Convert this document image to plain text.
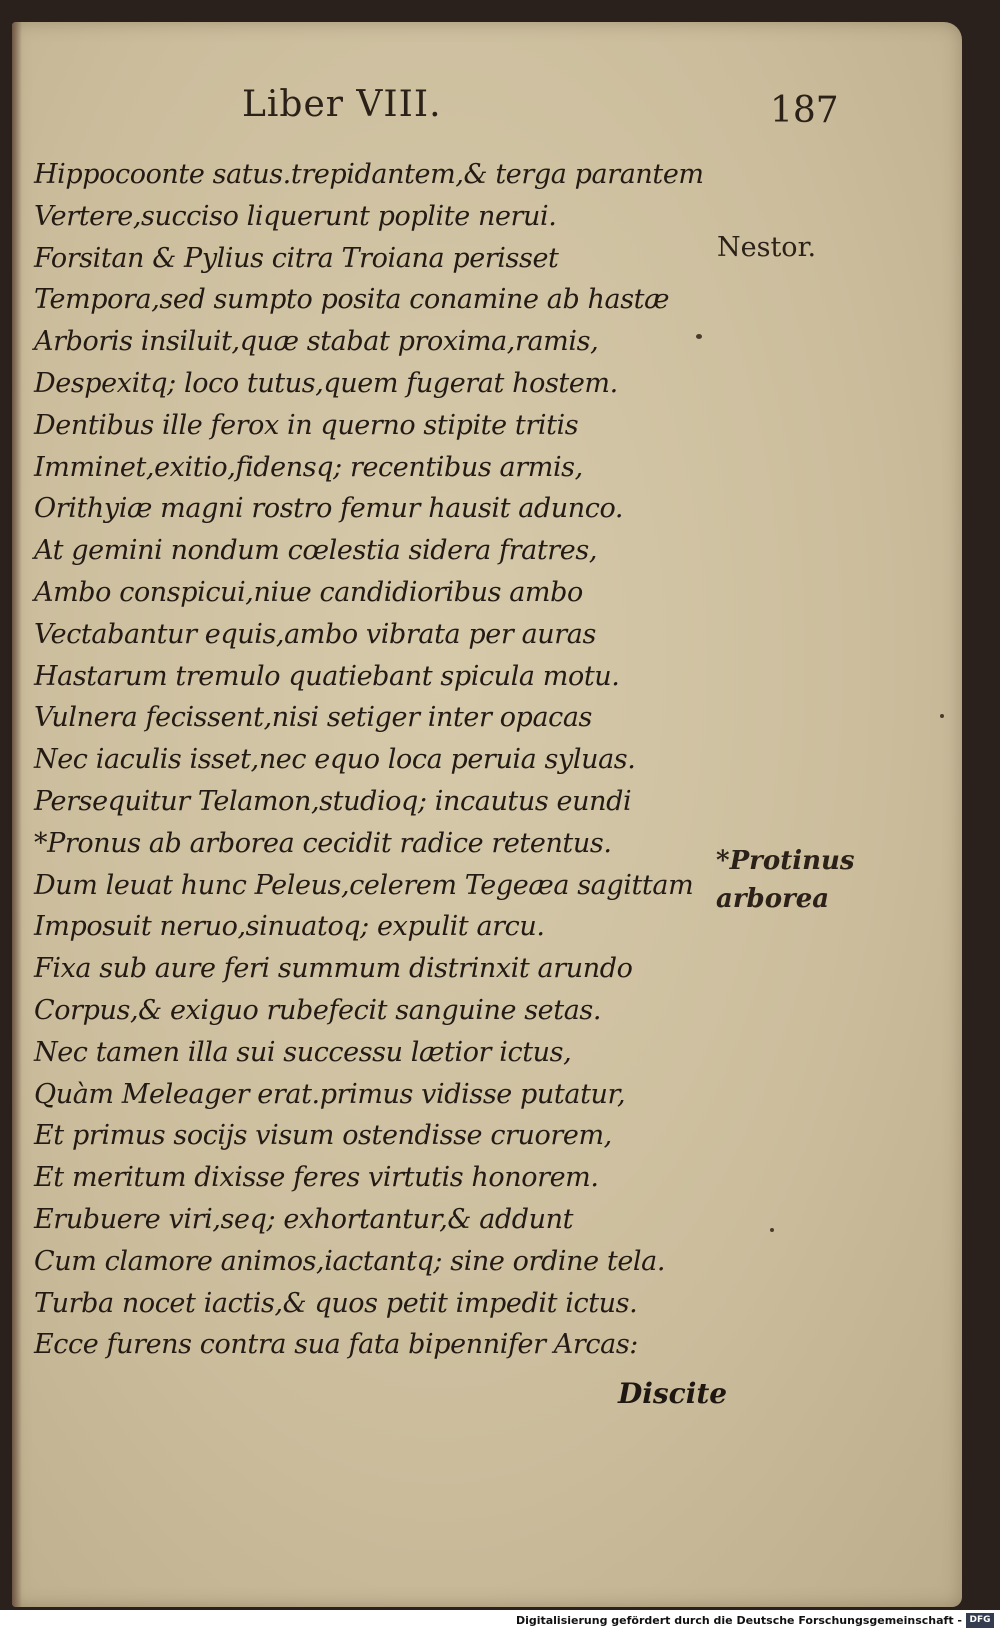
Liber VIII.	187
Hippocoonte satus.trepidantem,& terga parantem
Vertere,succiso liquerunt poplite nerui.
Forsitan & Pylius citra Troiana perisset
Tempora,sed sumpto posita conamine ab hastæ
Arboris insiluit,quæ stabat proxima,ramis,
Despexitq; loco tutus,quem fugerat hostem.
Dentibus ille ferox in querno stipite tritis
Imminet,exitio,fidensq; recentibus armis,
Orithyiæ magni rostro femur hausit adunco.
At gemini nondum cœlestia sidera fratres,
Ambo conspicui,niue candidioribus ambo
Vectabantur equis,ambo vibrata per auras
Hastarum tremulo quatiebant spicula motu.
Vulnera fecissent,nisi setiger inter opacas
Nec iaculis isset,nec equo loca peruia syluas.
Persequitur Telamon,studioq; incautus eundi
*Pronus ab arborea cecidit radice retentus.
Dum leuat hunc Peleus,celerem Tegeæa sagittam
Imposuit neruo,sinuatoq; expulit arcu.
Fixa sub aure feri summum distrinxit arundo
Corpus,& exiguo rubefecit sanguine setas.
Nec tamen illa sui successu lætior ictus,
Quàm Meleager erat.primus vidisse putatur,
Et primus socijs visum ostendisse cruorem,
Et meritum dixisse feres virtutis honorem.
Erubuere viri,seq; exhortantur,& addunt
Cum clamore animos,iactantq; sine ordine tela.
Turba nocet iactis,& quos petit impedit ictus.
Ecce furens contra sua fata bipennifer Arcas:
Discite
Nestor.
*Protinus
arborea
Digitalisierung gefördert durch die Deutsche Forschungsgemeinschaft - DFG
